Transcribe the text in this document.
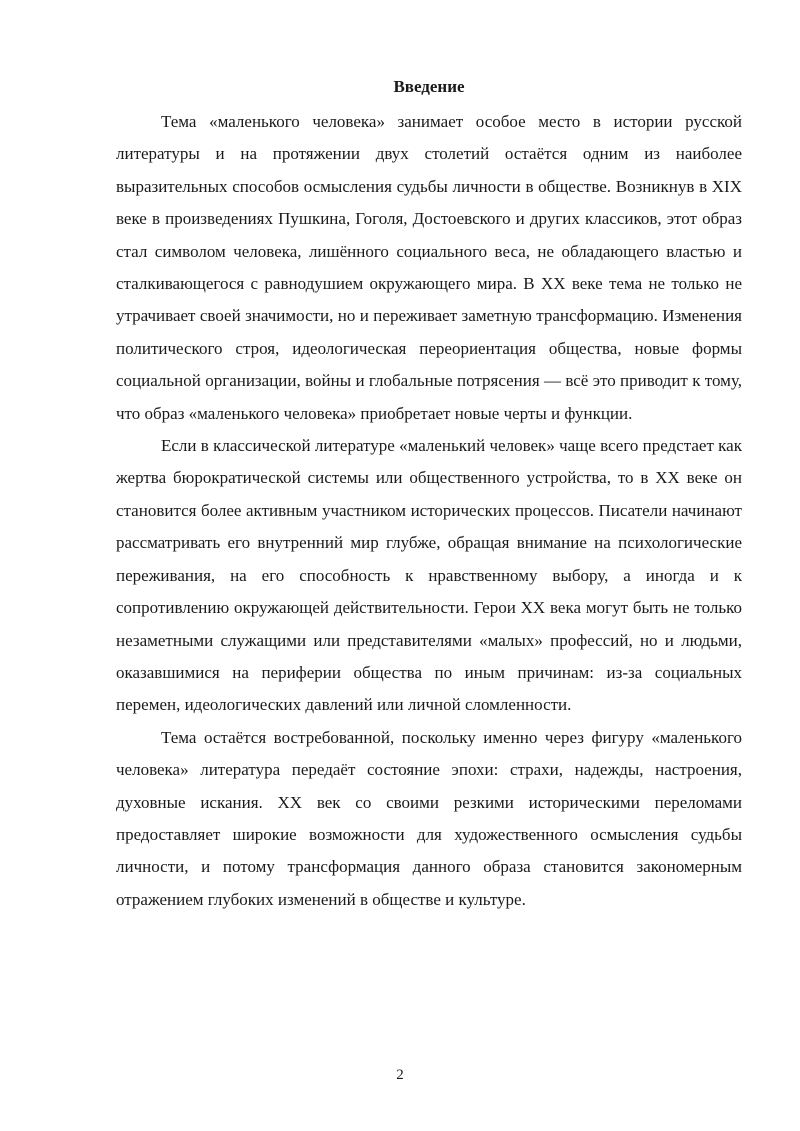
Введение

Тема «маленького человека» занимает особое место в истории русской литературы и на протяжении двух столетий остаётся одним из наиболее выразительных способов осмысления судьбы личности в обществе. Возникнув в XIX веке в произведениях Пушкина, Гоголя, Достоевского и других классиков, этот образ стал символом человека, лишённого социального веса, не обладающего властью и сталкивающегося с равнодушием окружающего мира. В XX веке тема не только не утрачивает своей значимости, но и переживает заметную трансформацию. Изменения политического строя, идеологическая переориентация общества, новые формы социальной организации, войны и глобальные потрясения — всё это приводит к тому, что образ «маленького человека» приобретает новые черты и функции.

Если в классической литературе «маленький человек» чаще всего предстает как жертва бюрократической системы или общественного устройства, то в XX веке он становится более активным участником исторических процессов. Писатели начинают рассматривать его внутренний мир глубже, обращая внимание на психологические переживания, на его способность к нравственному выбору, а иногда и к сопротивлению окружающей действительности. Герои XX века могут быть не только незаметными служащими или представителями «малых» профессий, но и людьми, оказавшимися на периферии общества по иным причинам: из-за социальных перемен, идеологических давлений или личной сломленности.

Тема остаётся востребованной, поскольку именно через фигуру «маленького человека» литература передаёт состояние эпохи: страхи, надежды, настроения, духовные искания. XX век со своими резкими историческими переломами предоставляет широкие возможности для художественного осмысления судьбы личности, и потому трансформация данного образа становится закономерным отражением глубоких изменений в обществе и культуре.

2
